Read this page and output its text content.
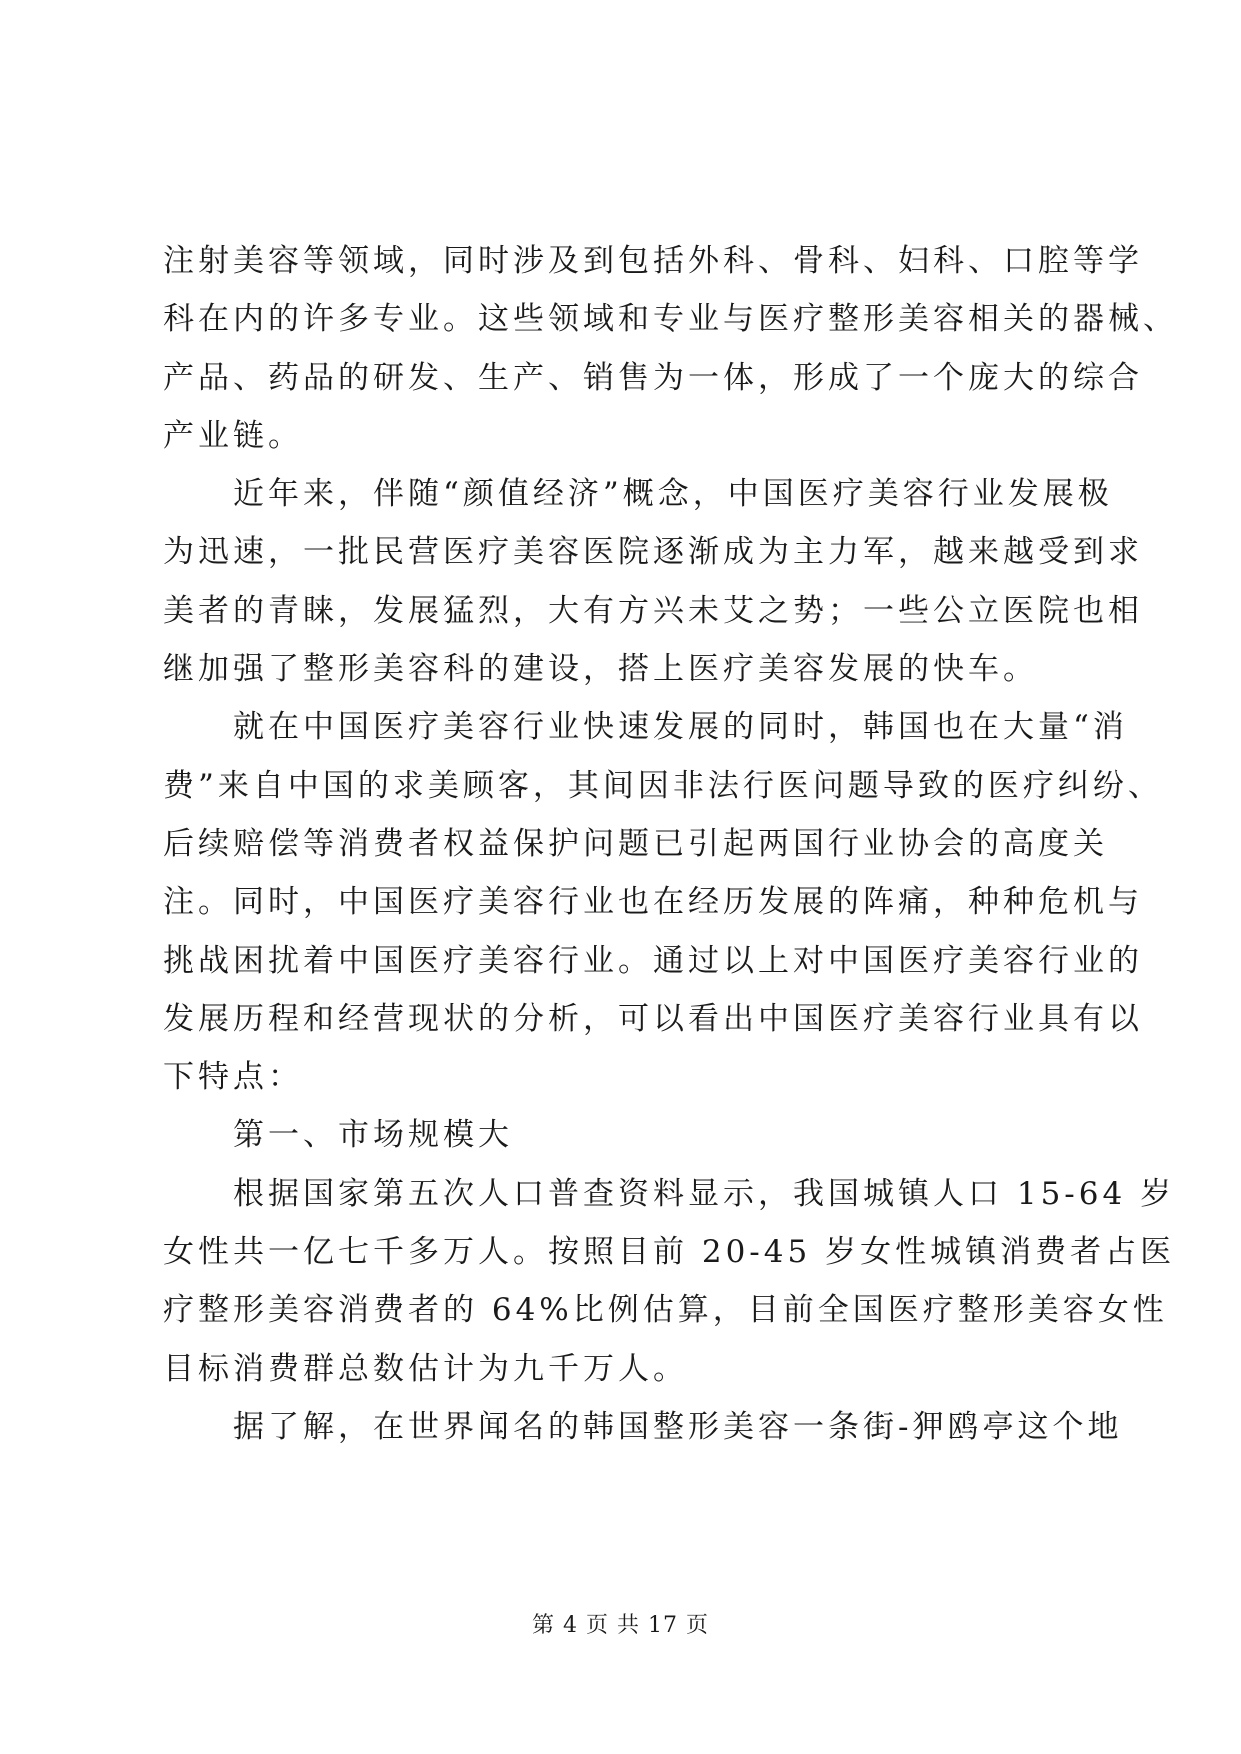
注射美容等领域，同时涉及到包括外科、骨科、妇科、口腔等学
科在内的许多专业。这些领域和专业与医疗整形美容相关的器械、
产品、药品的研发、生产、销售为一体，形成了一个庞大的综合
产业链。
　　近年来，伴随“颜值经济”概念，中国医疗美容行业发展极
为迅速，一批民营医疗美容医院逐渐成为主力军，越来越受到求
美者的青睐，发展猛烈，大有方兴未艾之势；一些公立医院也相
继加强了整形美容科的建设，搭上医疗美容发展的快车。
　　就在中国医疗美容行业快速发展的同时，韩国也在大量“消
费”来自中国的求美顾客，其间因非法行医问题导致的医疗纠纷、
后续赔偿等消费者权益保护问题已引起两国行业协会的高度关
注。同时，中国医疗美容行业也在经历发展的阵痛，种种危机与
挑战困扰着中国医疗美容行业。通过以上对中国医疗美容行业的
发展历程和经营现状的分析，可以看出中国医疗美容行业具有以
下特点：
　　第一、市场规模大
　　根据国家第五次人口普查资料显示，我国城镇人口 15-64 岁
女性共一亿七千多万人。按照目前 20-45 岁女性城镇消费者占医
疗整形美容消费者的 64%比例估算，目前全国医疗整形美容女性
目标消费群总数估计为九千万人。
　　据了解，在世界闻名的韩国整形美容一条街-狎鸥亭这个地
第 4 页 共 17 页
